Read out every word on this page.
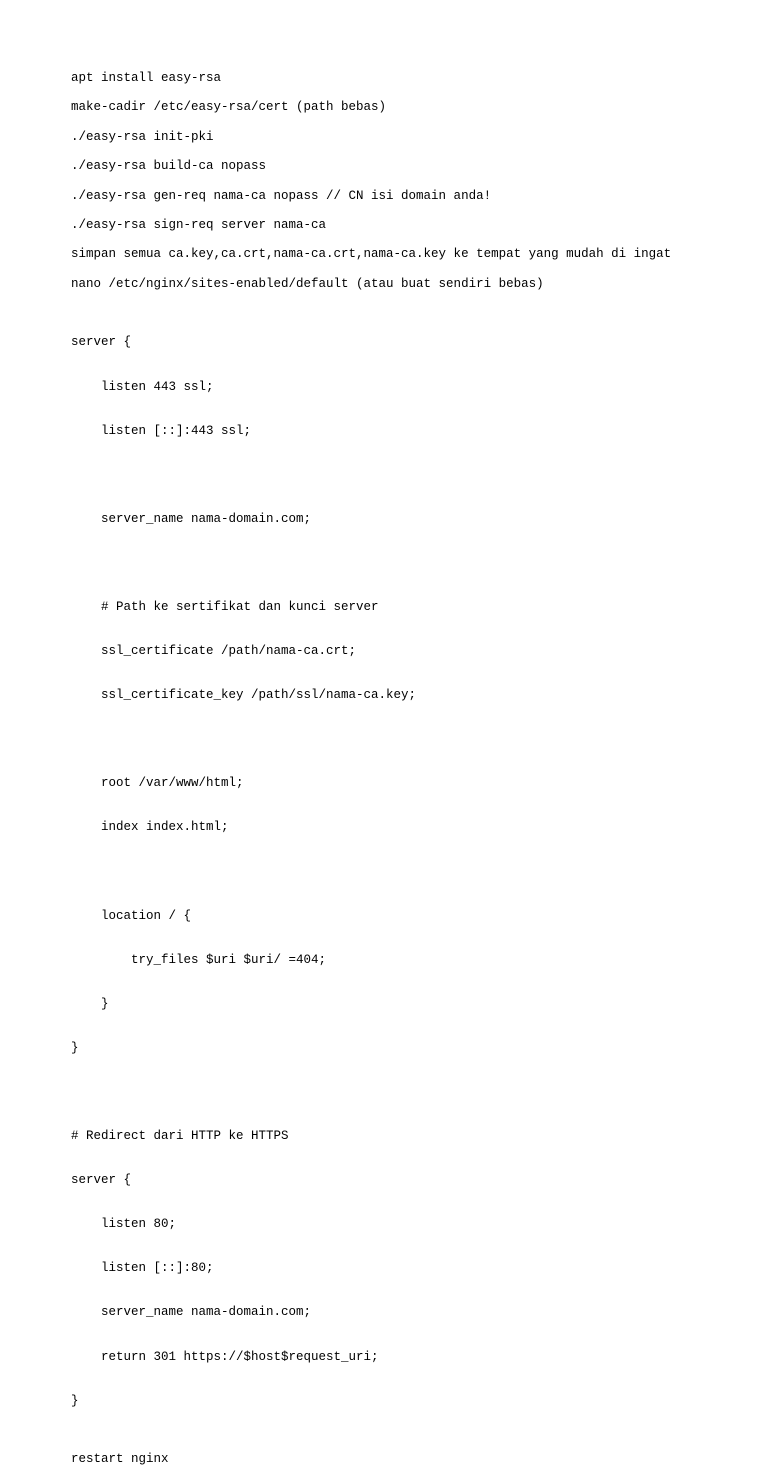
apt install easy-rsa
make-cadir /etc/easy-rsa/cert (path bebas)
./easy-rsa init-pki
./easy-rsa build-ca nopass
./easy-rsa gen-req nama-ca nopass // CN isi domain anda!
./easy-rsa sign-req server nama-ca
simpan semua ca.key,ca.crt,nama-ca.crt,nama-ca.key ke tempat yang mudah di ingat
nano /etc/nginx/sites-enabled/default (atau buat sendiri bebas)

server {

listen 443 ssl;

listen [::]:443 ssl;

server_name nama-domain.com;

# Path ke sertifikat dan kunci server

ssl_certificate /path/nama-ca.crt;

ssl_certificate_key /path/ssl/nama-ca.key;

root /var/www/html;

index index.html;

location / {

try_files $uri $uri/ =404;

}

}

# Redirect dari HTTP ke HTTPS

server {

listen 80;

listen [::]:80;

server_name nama-domain.com;

return 301 https://$host$request_uri;

}

restart nginx
